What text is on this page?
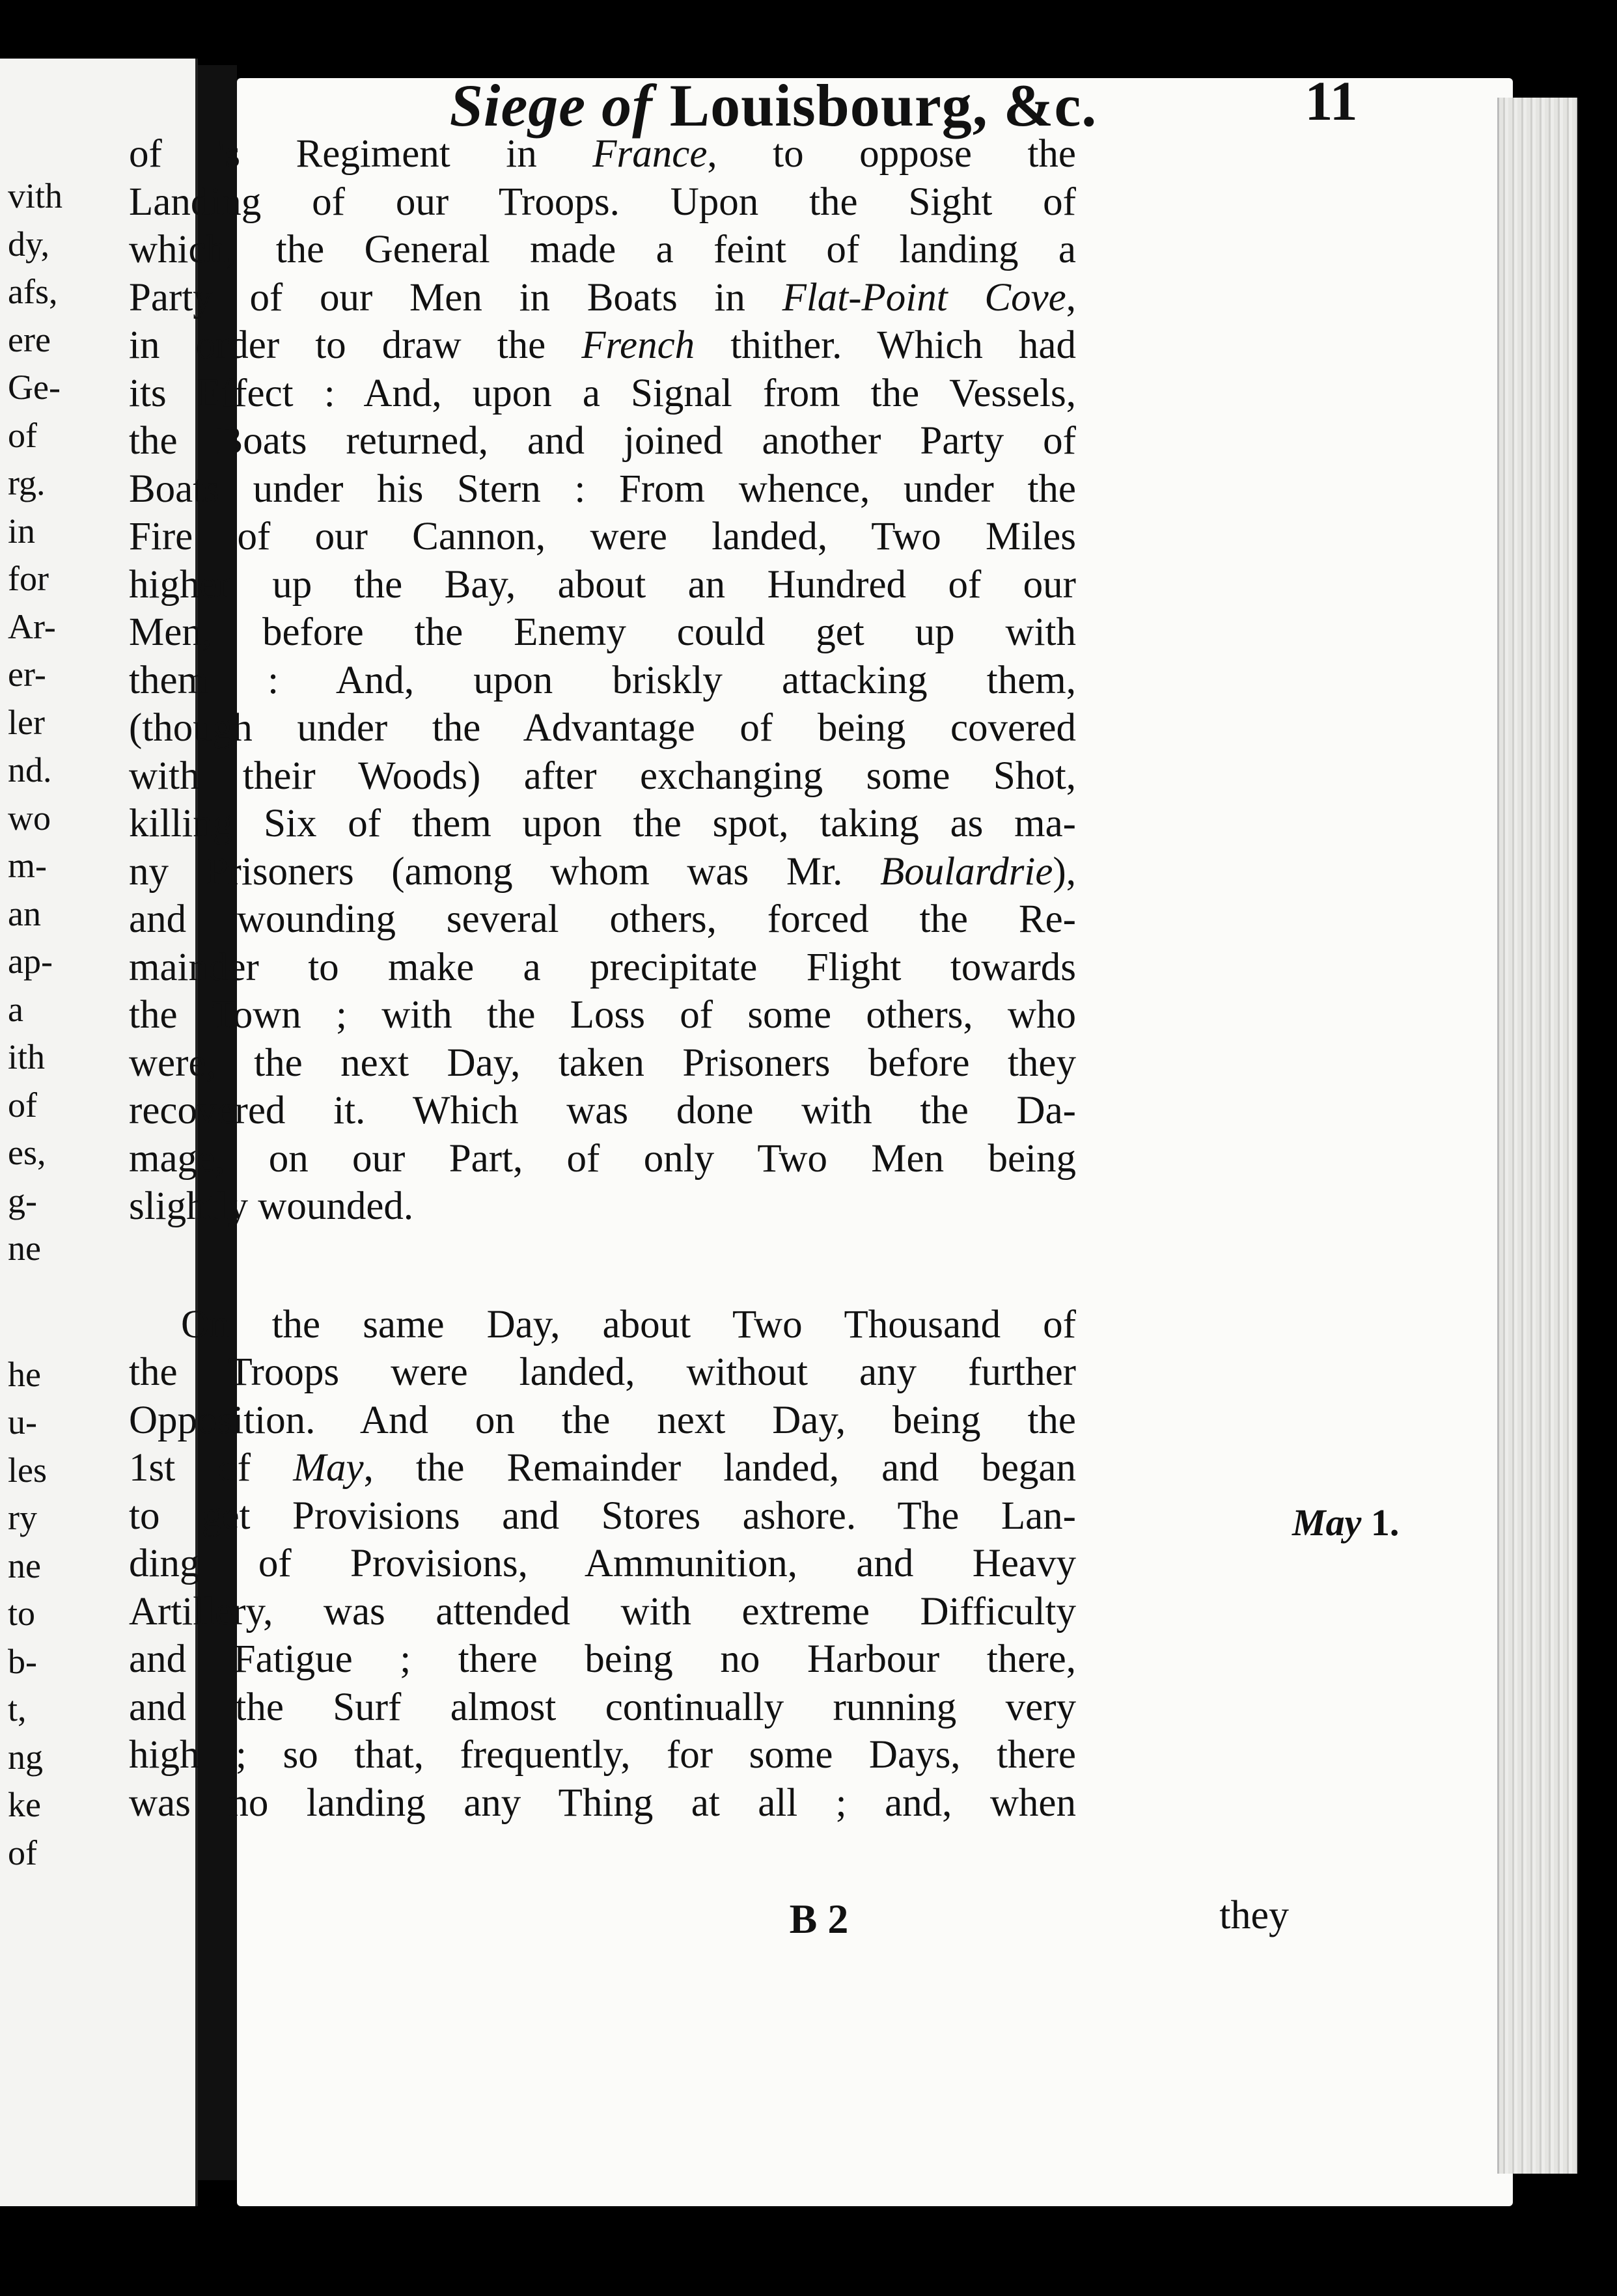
vith
dy,
afs,
ere
Ge-
of
rg.
in
for
Ar-
er-
ler
nd.
wo
m-
an
ap-
a
ith
of
es,
g-
ne
he
u-
les
ry
ne
to
b-
t,
ng
ke
of
Siege of Louisbourg, &c.	11
of 's Regiment in France, to oppose the
Landing of our Troops. Upon the Sight of
which, the General made a feint of landing a
Party of our Men in Boats in Flat-Point Cove,
in order to draw the French thither. Which had
its Effect : And, upon a Signal from the Vessels,
the Boats returned, and joined another Party of
Boats under his Stern : From whence, under the
Fire of our Cannon, were landed, Two Miles
higher up the Bay, about an Hundred of our
Men, before the Enemy could get up with
them : And, upon briskly attacking them,
(though under the Advantage of being covered
with their Woods) after exchanging some Shot,
killing Six of them upon the spot, taking as ma-
ny Prisoners (among whom was Mr. Boulardrie),
and wounding several others, forced the Re-
mainder to make a precipitate Flight towards
the Town ; with the Loss of some others, who
were, the next Day, taken Prisoners before they
recovered it. Which was done with the Da-
mage, on our Part, of only Two Men being
slightly wounded.
On the same Day, about Two Thousand of
the Troops were landed, without any further
Opposition. And on the next Day, being the
1st of May, the Remainder landed, and began
to get Provisions and Stores ashore. The Lan-
ding of Provisions, Ammunition, and Heavy
Artillery, was attended with extreme Difficulty
and Fatigue ; there being no Harbour there,
and the Surf almost continually running very
high ; so that, frequently, for some Days, there
was no landing any Thing at all ; and, when
May 1.
B 2	they
